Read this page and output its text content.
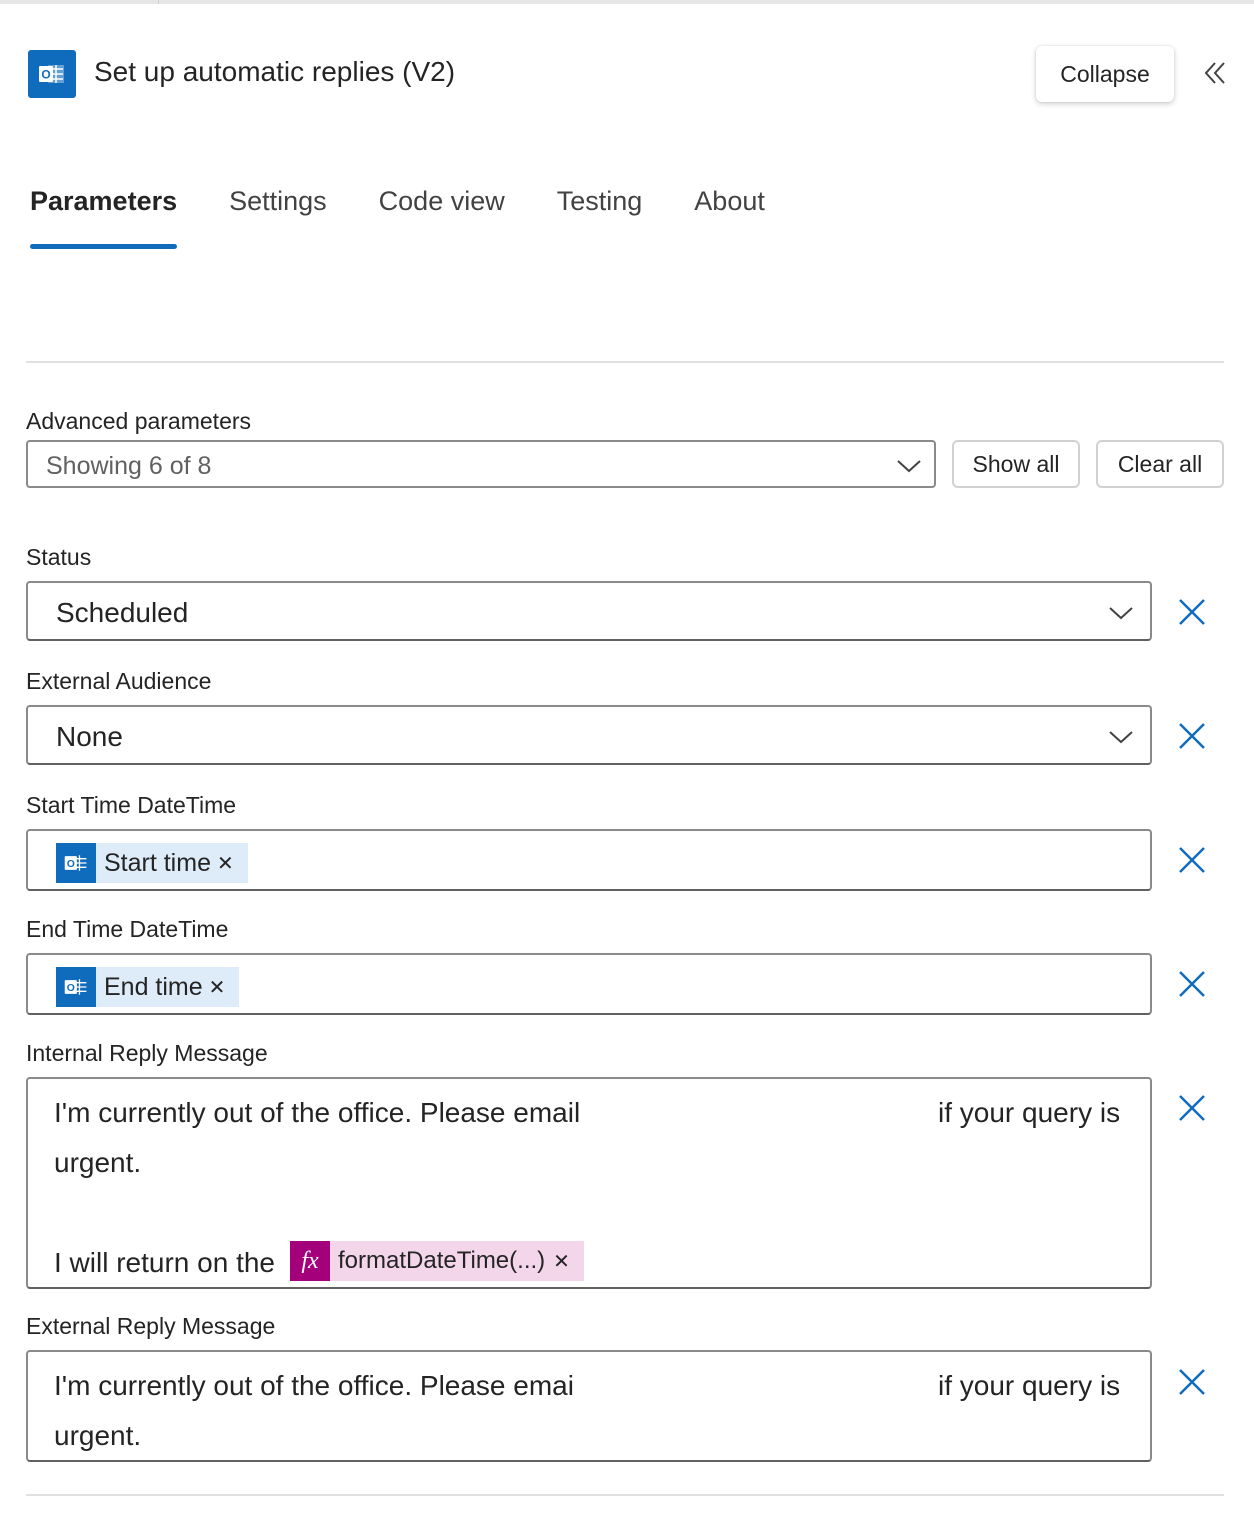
O Set up automatic replies (V2)	Collapse
Parameters Settings Code view Testing About
Advanced parameters
Showing 6 of 8	Show all	Clear all
Status
Scheduled
External Audience
None
Start Time DateTime
O Start time ✕
End Time DateTime
O End time ✕
Internal Reply Message
I'm currently out of the office. Please email	if your query is
urgent.
I will return on the	fx formatDateTime(...) ✕
External Reply Message
I'm currently out of the office. Please emai	if your query is
urgent.
